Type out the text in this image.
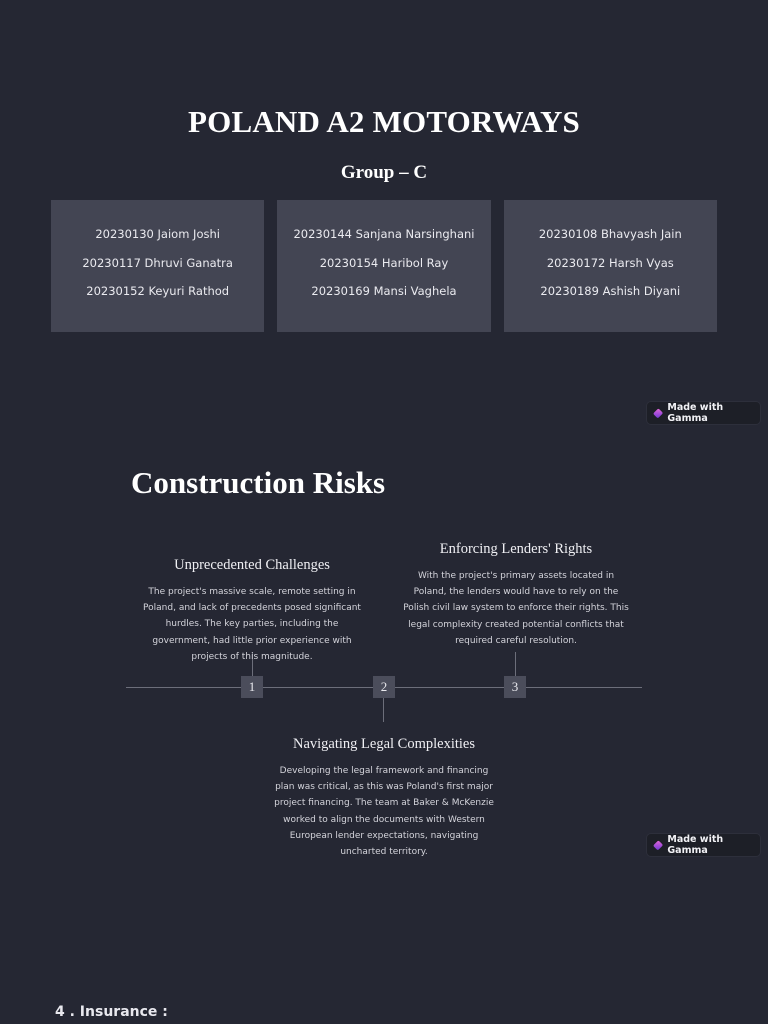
POLAND A2 MOTORWAYS
Group – C
20230130 Jaiom Joshi
20230117 Dhruvi Ganatra
20230152 Keyuri Rathod
20230144 Sanjana Narsinghani
20230154 Haribol Ray
20230169 Mansi Vaghela
20230108 Bhavyash Jain
20230172 Harsh Vyas
20230189 Ashish Diyani
Made with Gamma
Construction Risks
1	2	3
Unprecedented Challenges
The project's massive scale, remote setting in Poland, and lack of precedents posed significant hurdles. The key parties, including the government, had little prior experience with projects of this magnitude.
Enforcing Lenders' Rights
With the project's primary assets located in Poland, the lenders would have to rely on the Polish civil law system to enforce their rights. This legal complexity created potential conflicts that required careful resolution.
Navigating Legal Complexities
Developing the legal framework and financing plan was critical, as this was Poland's first major project financing. The team at Baker & McKenzie worked to align the documents with Western European lender expectations, navigating uncharted territory.
Made with Gamma
4 . Insurance :
